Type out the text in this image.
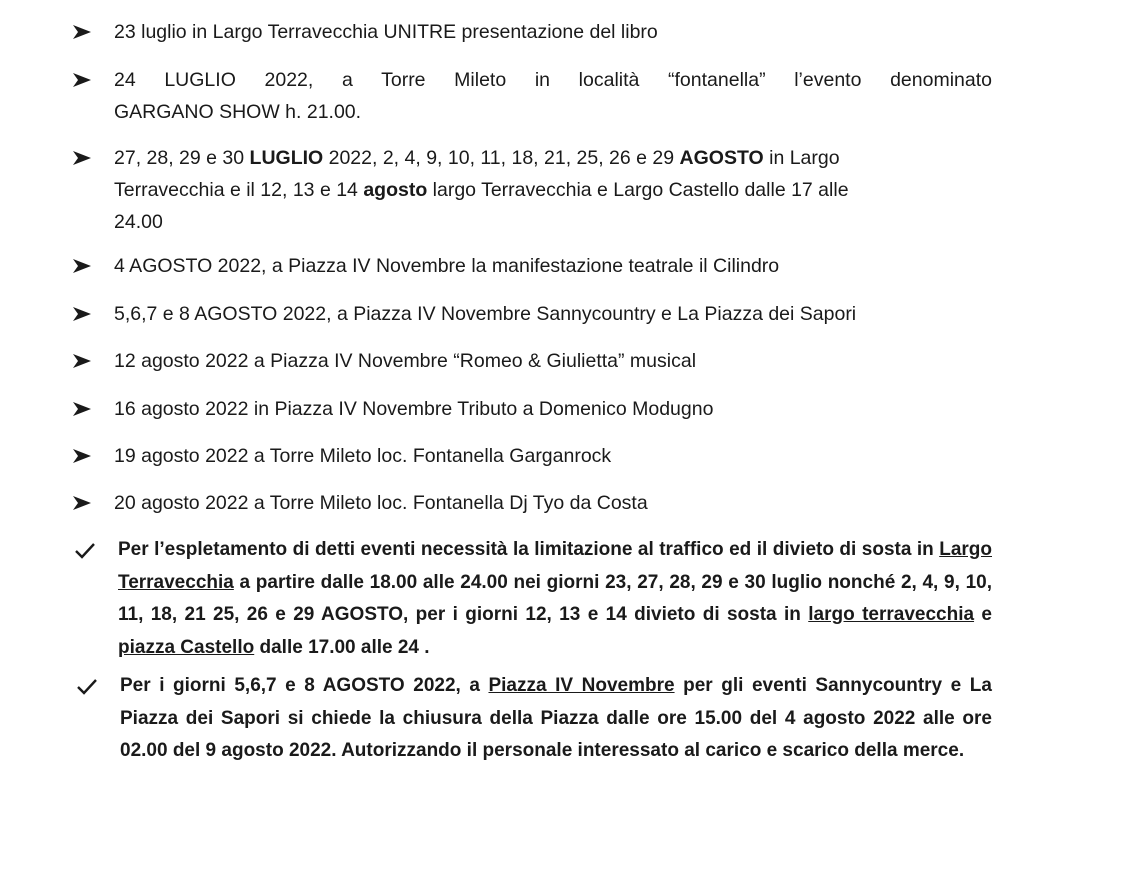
23 luglio in Largo Terravecchia UNITRE presentazione del libro
24 LUGLIO 2022, a Torre Mileto in località “fontanella” l’evento denominato
GARGANO SHOW h. 21.00.
27, 28, 29 e 30 LUGLIO 2022, 2, 4, 9, 10, 11, 18, 21, 25, 26 e 29 AGOSTO in Largo
Terravecchia e il 12, 13 e 14 agosto largo Terravecchia e Largo Castello dalle 17 alle
24.00
4 AGOSTO 2022, a Piazza IV Novembre la manifestazione teatrale il Cilindro
5,6,7 e 8 AGOSTO 2022, a Piazza IV Novembre Sannycountry e La Piazza dei Sapori
12 agosto 2022 a Piazza IV Novembre “Romeo & Giulietta” musical
16 agosto 2022 in Piazza IV Novembre Tributo a Domenico Modugno
19 agosto 2022 a Torre Mileto loc. Fontanella Garganrock
20 agosto 2022 a Torre Mileto loc. Fontanella Dj Tyo da Costa
Per l’espletamento di detti eventi necessità la limitazione al traffico ed il divieto di sosta in Largo Terravecchia a partire dalle 18.00 alle 24.00 nei giorni 23, 27, 28, 29 e 30 luglio nonché 2, 4, 9, 10, 11, 18, 21 25, 26 e 29 AGOSTO, per i giorni 12, 13 e 14 divieto di sosta in largo terravecchia e piazza Castello dalle 17.00 alle 24 .
Per i giorni 5,6,7 e 8 AGOSTO 2022, a Piazza IV Novembre per gli eventi Sannycountry e La Piazza dei Sapori si chiede la chiusura della Piazza dalle ore 15.00 del 4 agosto 2022 alle ore 02.00 del 9 agosto 2022. Autorizzando il personale interessato al carico e scarico della merce.
